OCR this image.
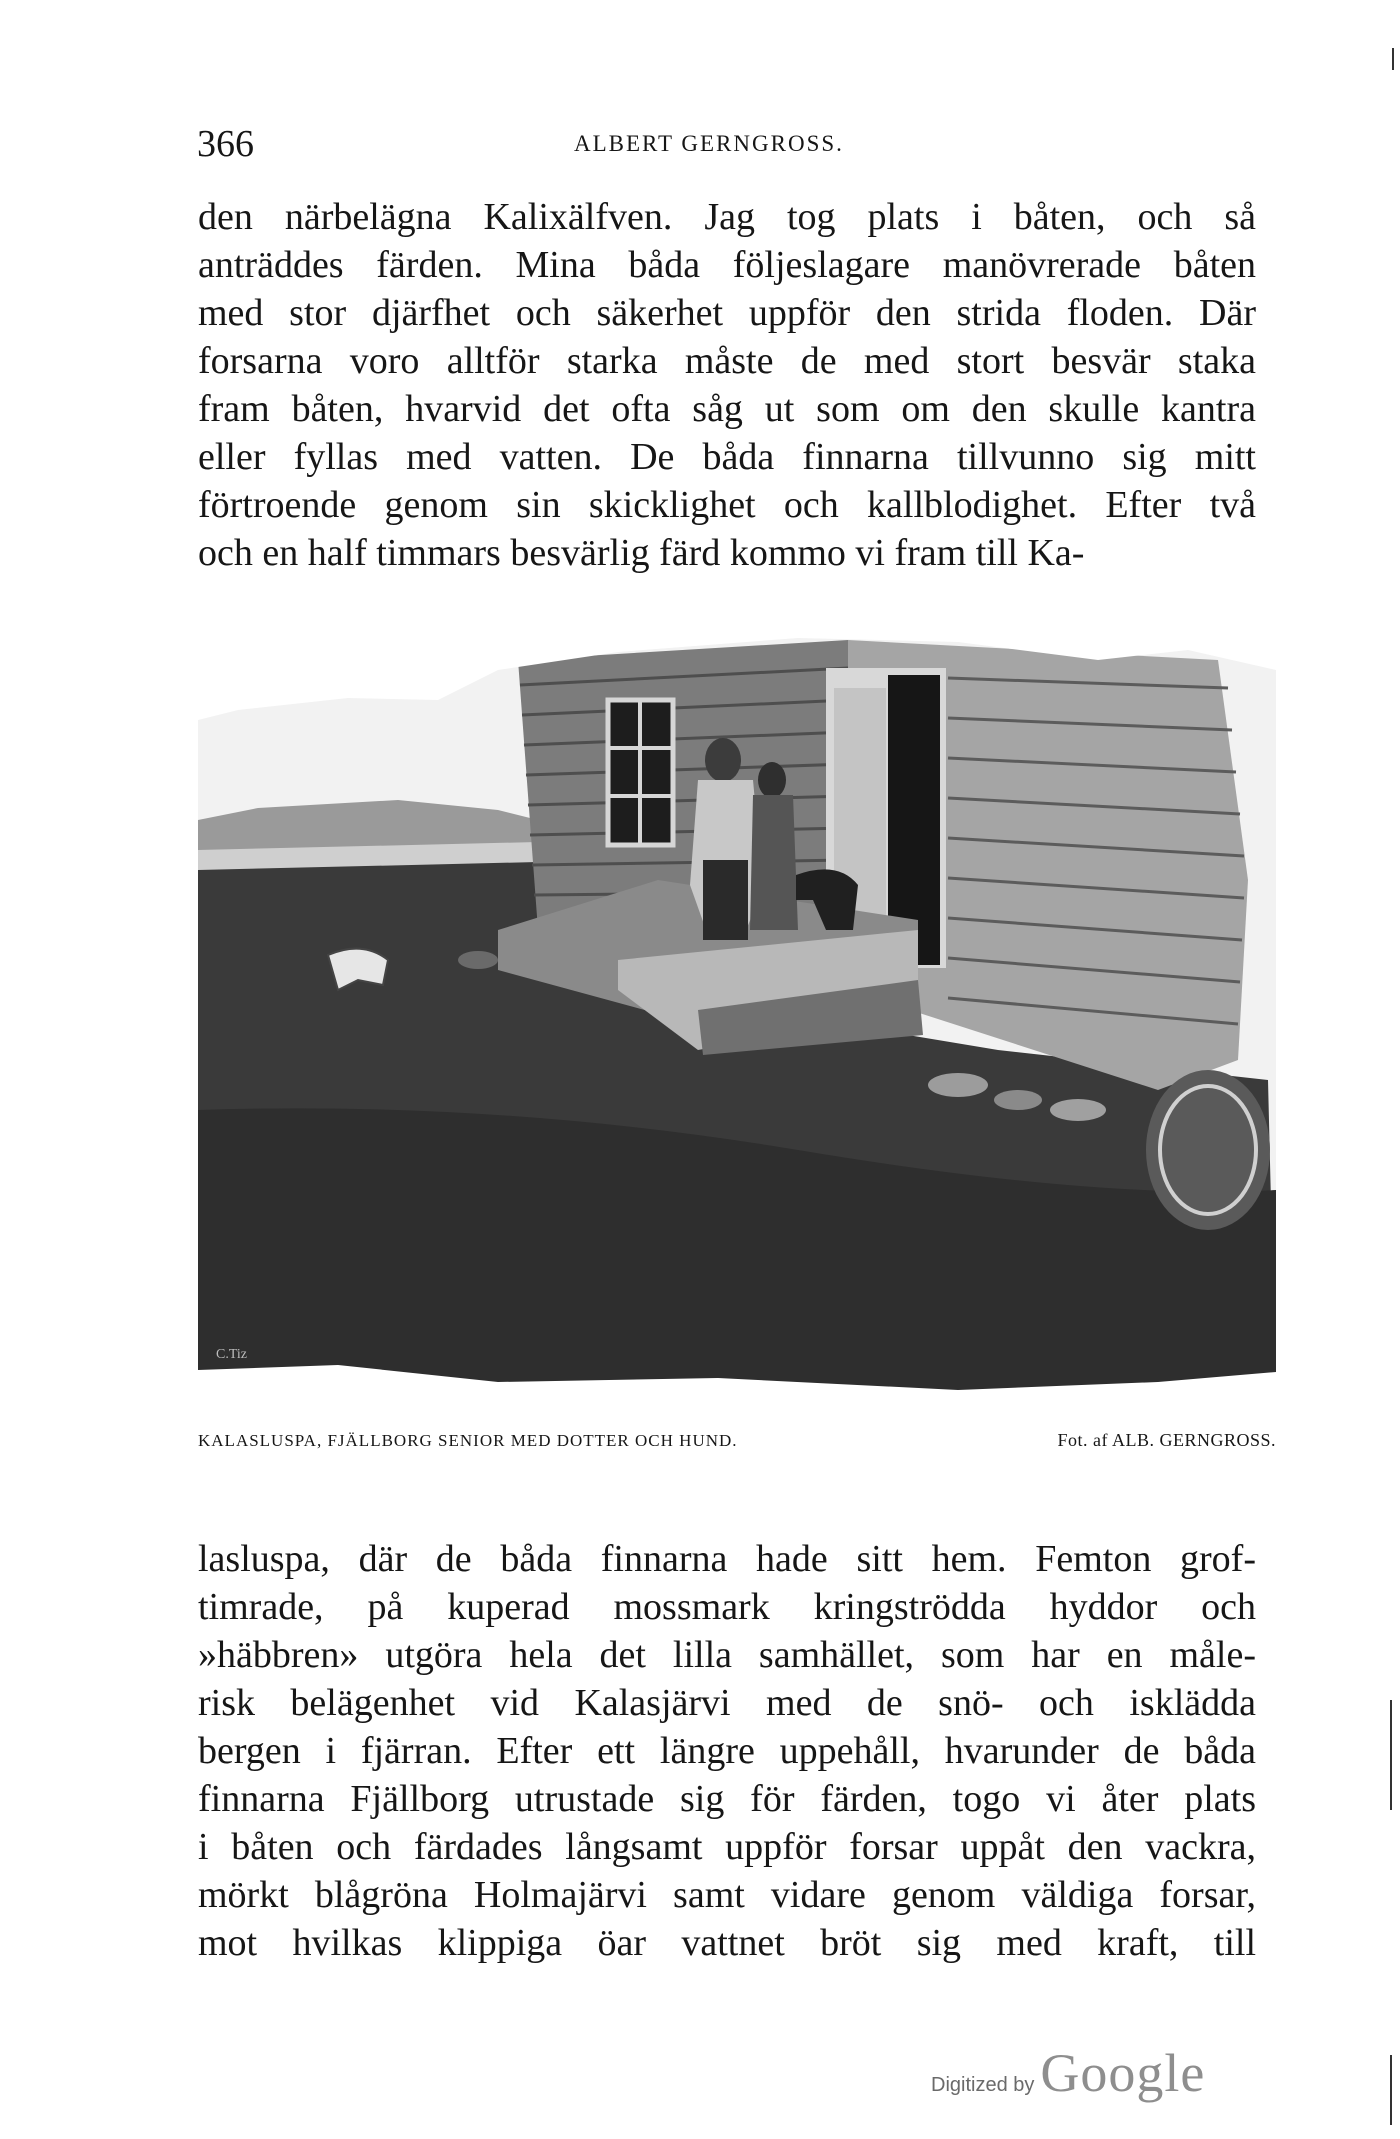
366	ALBERT GERNGROSS.
den närbelägna Kalixälfven. Jag tog plats i båten, och så
anträddes färden. Mina båda följeslagare manövrerade båten
med stor djärfhet och säkerhet uppför den strida floden. Där
forsarna voro alltför starka måste de med stort besvär staka
fram båten, hvarvid det ofta såg ut som om den skulle kantra
eller fyllas med vatten. De båda finnarna tillvunno sig mitt
förtroende genom sin skicklighet och kallblodighet. Efter två
och en half timmars besvärlig färd kommo vi fram till Ka-
C.Tiz
KALASLUSPA, FJÄLLBORG SENIOR MED DOTTER OCH HUND.	Fot. af ALB. GERNGROSS.
lasluspa, där de båda finnarna hade sitt hem. Femton grof-
timrade, på kuperad mossmark kringströdda hyddor och
»häbbren» utgöra hela det lilla samhället, som har en måle-
risk belägenhet vid Kalasjärvi med de snö- och isklädda
bergen i fjärran. Efter ett längre uppehåll, hvarunder de båda
finnarna Fjällborg utrustade sig för färden, togo vi åter plats
i båten och färdades långsamt uppför forsar uppåt den vackra,
mörkt blågröna Holmajärvi samt vidare genom väldiga forsar,
mot hvilkas klippiga öar vattnet bröt sig med kraft, till
Digitized by Google
